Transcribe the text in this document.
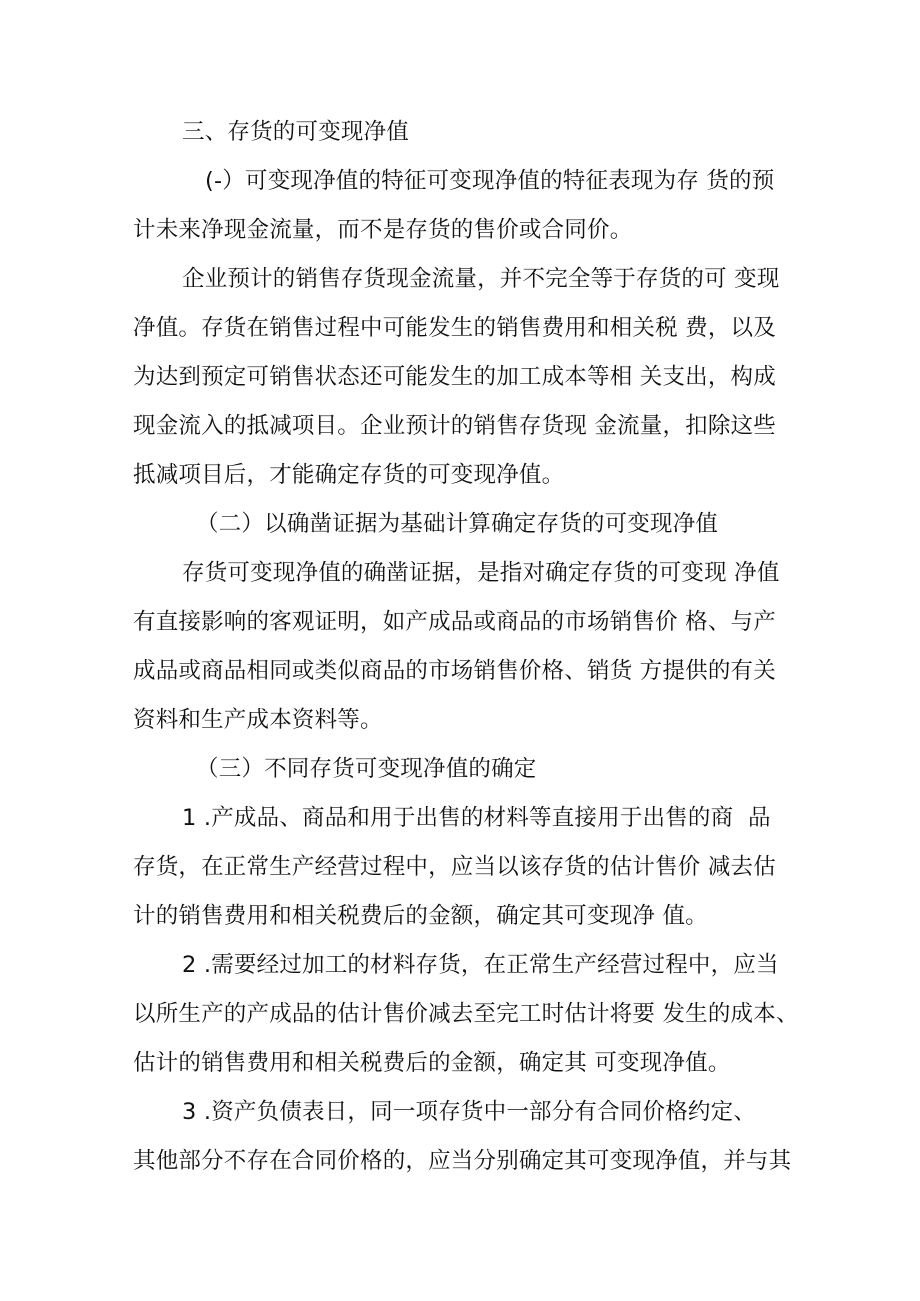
三、存货的可变现净值
(-）可变现净值的特征可变现净值的特征表现为存 货的预
计未来净现金流量，而不是存货的售价或合同价。
企业预计的销售存货现金流量，并不完全等于存货的可 变现
净值。存货在销售过程中可能发生的销售费用和相关税 费，以及
为达到预定可销售状态还可能发生的加工成本等相 关支出，构成
现金流入的抵减项目。企业预计的销售存货现 金流量，扣除这些
抵减项目后，才能确定存货的可变现净值。
（二）以确凿证据为基础计算确定存货的可变现净值
存货可变现净值的确凿证据，是指对确定存货的可变现 净值
有直接影响的客观证明，如产成品或商品的市场销售价 格、与产
成品或商品相同或类似商品的市场销售价格、销货 方提供的有关
资料和生产成本资料等。
（三）不同存货可变现净值的确定
1 .产成品、商品和用于出售的材料等直接用于出售的商  品
存货，在正常生产经营过程中，应当以该存货的估计售价 减去估
计的销售费用和相关税费后的金额，确定其可变现净 值。
2 .需要经过加工的材料存货，在正常生产经营过程中，应当
以所生产的产成品的估计售价减去至完工时估计将要 发生的成本、
估计的销售费用和相关税费后的金额，确定其 可变现净值。
3 .资产负债表日，同一项存货中一部分有合同价格约定、
其他部分不存在合同价格的，应当分别确定其可变现净值，并与其
